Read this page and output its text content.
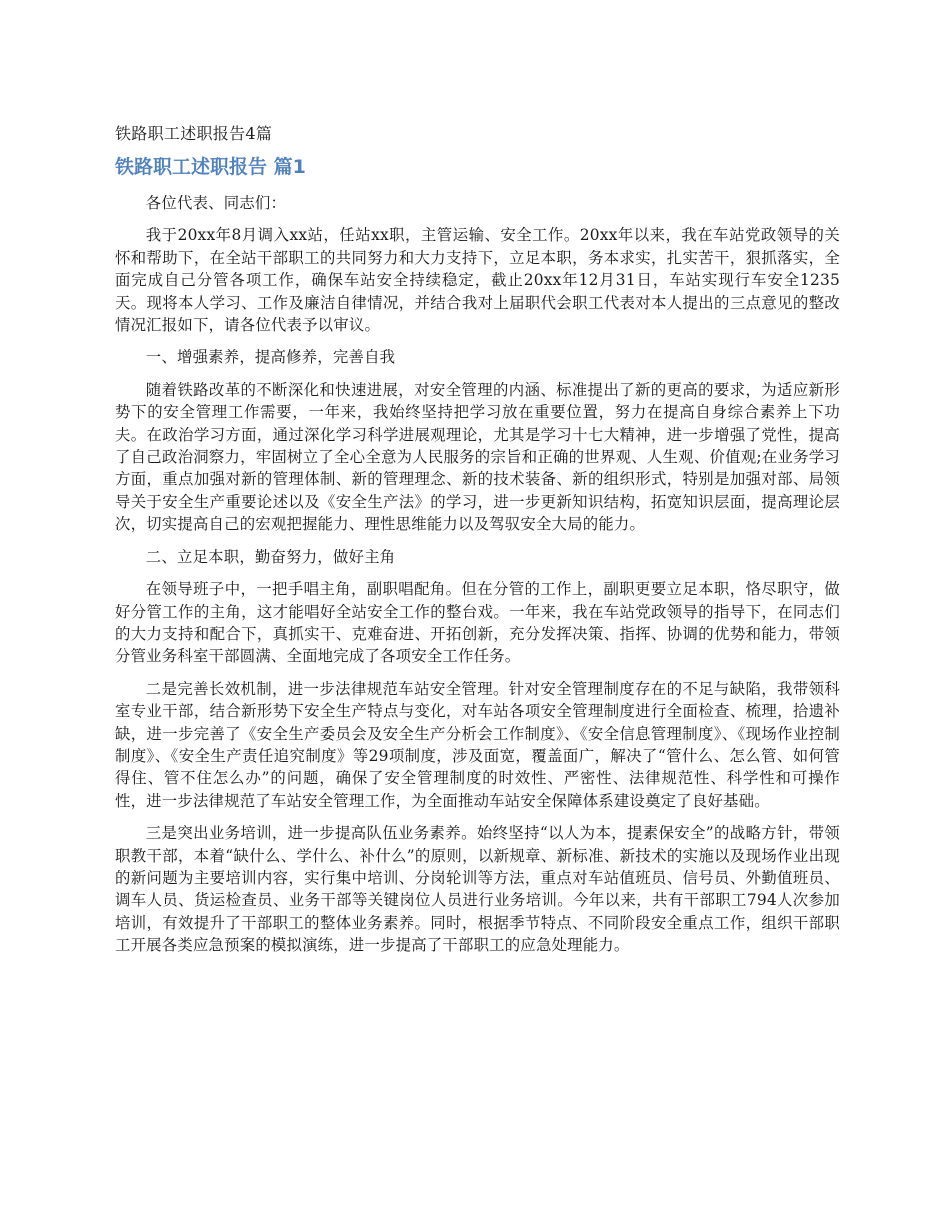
铁路职工述职报告4篇
铁路职工述职报告 篇1

各位代表、同志们：

我于20xx年8月调入xx站，任站xx职，主管运输、安全工作。20xx年以来，我在车站党政领导的关怀和帮助下，在全站干部职工的共同努力和大力支持下，立足本职，务本求实，扎实苦干，狠抓落实，全面完成自己分管各项工作，确保车站安全持续稳定，截止20xx年12月31日，车站实现行车安全1235天。现将本人学习、工作及廉洁自律情况，并结合我对上届职代会职工代表对本人提出的三点意见的整改情况汇报如下，请各位代表予以审议。

一、增强素养，提高修养，完善自我

随着铁路改革的不断深化和快速进展，对安全管理的内涵、标准提出了新的更高的要求，为适应新形势下的安全管理工作需要，一年来，我始终坚持把学习放在重要位置，努力在提高自身综合素养上下功夫。在政治学习方面，通过深化学习科学进展观理论，尤其是学习十七大精神，进一步增强了党性，提高了自己政治洞察力，牢固树立了全心全意为人民服务的宗旨和正确的世界观、人生观、价值观;在业务学习方面，重点加强对新的管理体制、新的管理理念、新的技术装备、新的组织形式，特别是加强对部、局领导关于安全生产重要论述以及《安全生产法》的学习，进一步更新知识结构，拓宽知识层面，提高理论层次，切实提高自己的宏观把握能力、理性思维能力以及驾驭安全大局的能力。

二、立足本职，勤奋努力，做好主角

在领导班子中，一把手唱主角，副职唱配角。但在分管的工作上，副职更要立足本职，恪尽职守，做好分管工作的主角，这才能唱好全站安全工作的整台戏。一年来，我在车站党政领导的指导下，在同志们的大力支持和配合下，真抓实干、克难奋进、开拓创新，充分发挥决策、指挥、协调的优势和能力，带领分管业务科室干部圆满、全面地完成了各项安全工作任务。

二是完善长效机制，进一步法律规范车站安全管理。针对安全管理制度存在的不足与缺陷，我带领科室专业干部，结合新形势下安全生产特点与变化，对车站各项安全管理制度进行全面检查、梳理，拾遗补缺，进一步完善了《安全生产委员会及安全生产分析会工作制度》、《安全信息管理制度》、《现场作业控制制度》、《安全生产责任追究制度》等29项制度，涉及面宽，覆盖面广，解决了“管什么、怎么管、如何管得住、管不住怎么办”的问题，确保了安全管理制度的时效性、严密性、法律规范性、科学性和可操作性，进一步法律规范了车站安全管理工作，为全面推动车站安全保障体系建设奠定了良好基础。

三是突出业务培训，进一步提高队伍业务素养。始终坚持“以人为本，提素保安全”的战略方针，带领职教干部，本着“缺什么、学什么、补什么”的原则，以新规章、新标准、新技术的实施以及现场作业出现的新问题为主要培训内容，实行集中培训、分岗轮训等方法，重点对车站值班员、信号员、外勤值班员、调车人员、货运检查员、业务干部等关键岗位人员进行业务培训。今年以来，共有干部职工794人次参加培训，有效提升了干部职工的整体业务素养。同时，根据季节特点、不同阶段安全重点工作，组织干部职工开展各类应急预案的模拟演练，进一步提高了干部职工的应急处理能力。
